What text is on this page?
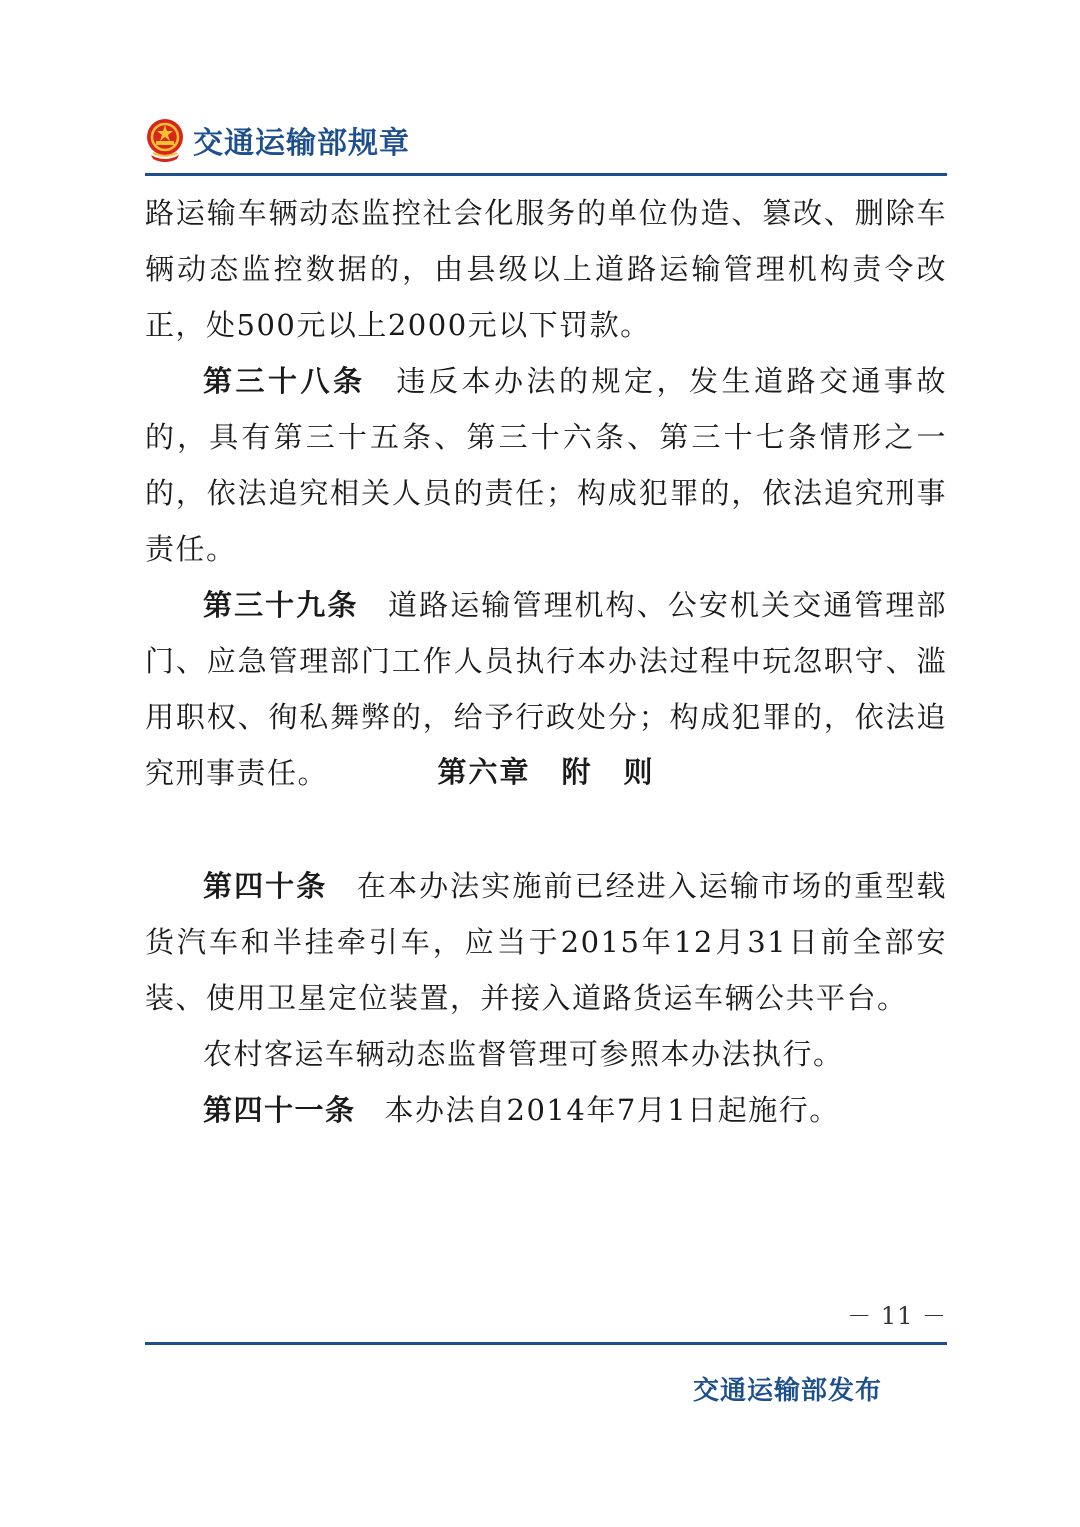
交通运输部规章

路运输车辆动态监控社会化服务的单位伪造、篡改、删除车辆动态监控数据的，由县级以上道路运输管理机构责令改正，处500元以上2000元以下罚款。

第三十八条 违反本办法的规定，发生道路交通事故的，具有第三十五条、第三十六条、第三十七条情形之一的，依法追究相关人员的责任；构成犯罪的，依法追究刑事责任。

第三十九条 道路运输管理机构、公安机关交通管理部门、应急管理部门工作人员执行本办法过程中玩忽职守、滥用职权、徇私舞弊的，给予行政处分；构成犯罪的，依法追究刑事责任。	第六章　附　则

第四十条 在本办法实施前已经进入运输市场的重型载货汽车和半挂牵引车，应当于2015年12月31日前全部安装、使用卫星定位装置，并接入道路货运车辆公共平台。

农村客运车辆动态监督管理可参照本办法执行。

第四十一条 本办法自2014年7月1日起施行。

－ 11 －
交通运输部发布
